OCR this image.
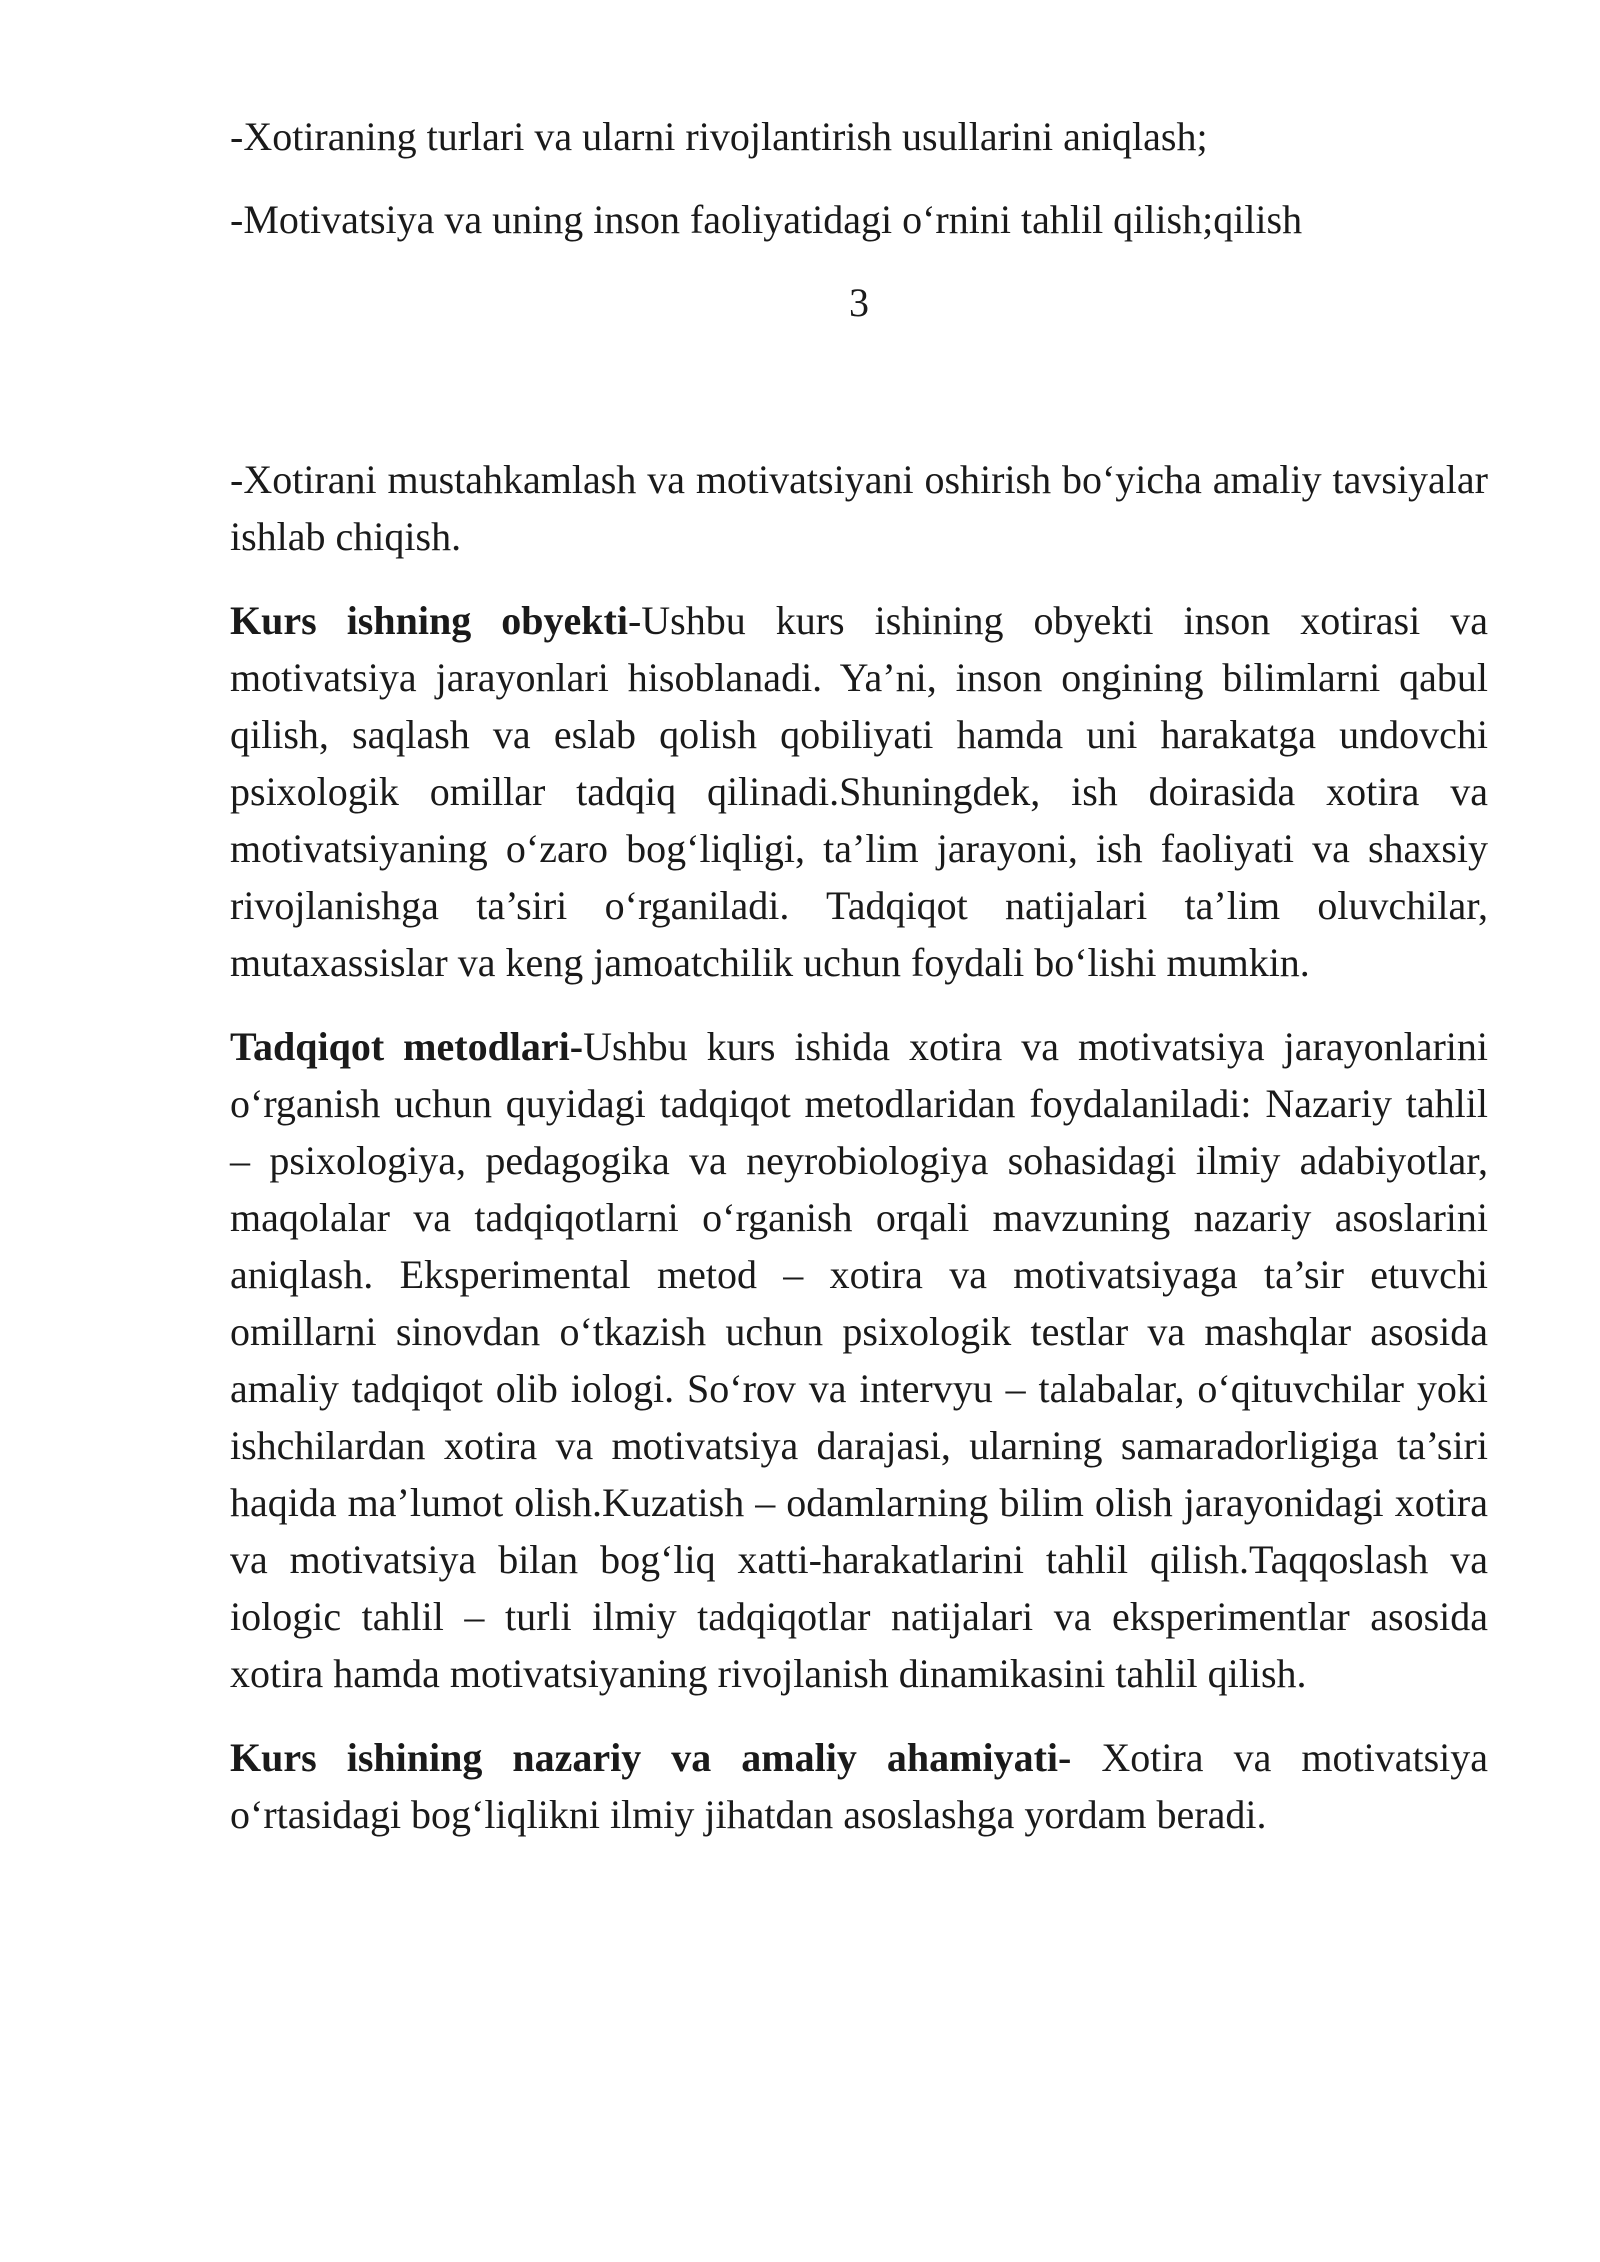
-Xotiraning turlari va ularni rivojlantirish usullarini aniqlash;

-Motivatsiya va uning inson faoliyatidagi o‘rnini tahlil qilish;qilish

3

-Xotirani mustahkamlash va motivatsiyani oshirish bo‘yicha amaliy tavsiyalar ishlab chiqish.

Kurs ishning obyekti-Ushbu kurs ishining obyekti inson xotirasi va motivatsiya jarayonlari hisoblanadi. Ya’ni, inson ongining bilimlarni qabul qilish, saqlash va eslab qolish qobiliyati hamda uni harakatga undovchi psixologik omillar tadqiq qilinadi.Shuningdek, ish doirasida xotira va motivatsiyaning o‘zaro bog‘liqligi, ta’lim jarayoni, ish faoliyati va shaxsiy rivojlanishga ta’siri o‘rganiladi. Tadqiqot natijalari ta’lim oluvchilar, mutaxassislar va keng jamoatchilik uchun foydali bo‘lishi mumkin.

Tadqiqot metodlari-Ushbu kurs ishida xotira va motivatsiya jarayonlarini o‘rganish uchun quyidagi tadqiqot metodlaridan foydalaniladi: Nazariy tahlil – psixologiya, pedagogika va neyrobiologiya sohasidagi ilmiy adabiyotlar, maqolalar va tadqiqotlarni o‘rganish orqali mavzuning nazariy asoslarini aniqlash. Eksperimental metod – xotira va motivatsiyaga ta’sir etuvchi omillarni sinovdan o‘tkazish uchun psixologik testlar va mashqlar asosida amaliy tadqiqot olib iologi. So‘rov va intervyu – talabalar, o‘qituvchilar yoki ishchilardan xotira va motivatsiya darajasi, ularning samaradorligiga ta’siri haqida ma’lumot olish.Kuzatish – odamlarning bilim olish jarayonidagi xotira va motivatsiya bilan bog‘liq xatti-harakatlarini tahlil qilish.Taqqoslash va iologic tahlil – turli ilmiy tadqiqotlar natijalari va eksperimentlar asosida xotira hamda motivatsiyaning rivojlanish dinamikasini tahlil qilish.

Kurs ishining nazariy va amaliy ahamiyati- Xotira va motivatsiya o‘rtasidagi bog‘liqlikni ilmiy jihatdan asoslashga yordam beradi.
